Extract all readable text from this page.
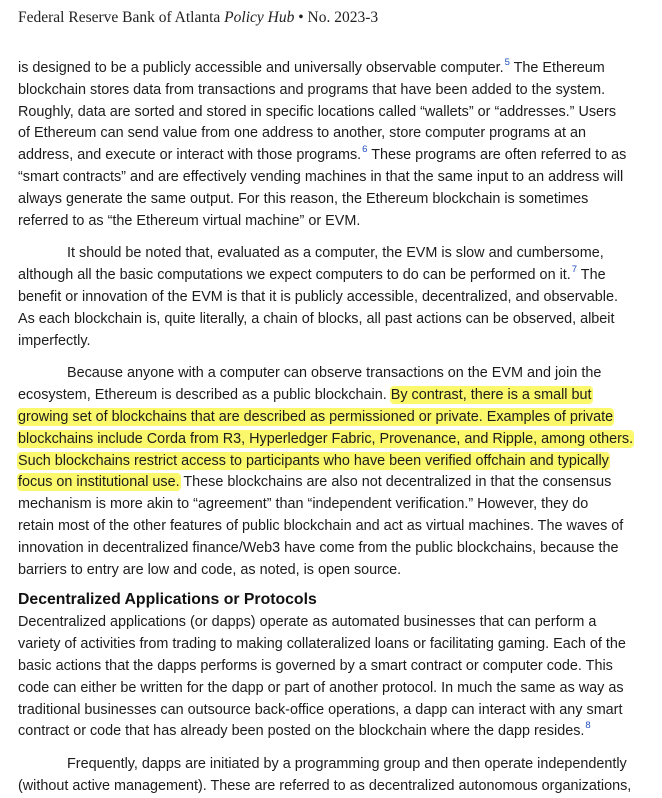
Federal Reserve Bank of Atlanta Policy Hub • No. 2023-3

is designed to be a publicly accessible and universally observable computer.$^5$ The Ethereum
blockchain stores data from transactions and programs that have been added to the system.
Roughly, data are sorted and stored in specific locations called “wallets” or “addresses.” Users
of Ethereum can send value from one address to another, store computer programs at an
address, and execute or interact with those programs.$^6$ These programs are often referred to as
“smart contracts” and are effectively vending machines in that the same input to an address will
always generate the same output. For this reason, the Ethereum blockchain is sometimes
referred to as “the Ethereum virtual machine” or EVM.

It should be noted that, evaluated as a computer, the EVM is slow and cumbersome,
although all the basic computations we expect computers to do can be performed on it.$^7$ The
benefit or innovation of the EVM is that it is publicly accessible, decentralized, and observable.
As each blockchain is, quite literally, a chain of blocks, all past actions can be observed, albeit
imperfectly.

Because anyone with a computer can observe transactions on the EVM and join the
ecosystem, Ethereum is described as a public blockchain. By contrast, there is a small but
growing set of blockchains that are described as permissioned or private. Examples of private
blockchains include Corda from R3, Hyperledger Fabric, Provenance, and Ripple, among others.
Such blockchains restrict access to participants who have been verified offchain and typically
focus on institutional use. These blockchains are also not decentralized in that the consensus
mechanism is more akin to “agreement” than “independent verification.” However, they do
retain most of the other features of public blockchain and act as virtual machines. The waves of
innovation in decentralized finance/Web3 have come from the public blockchains, because the
barriers to entry are low and code, as noted, is open source.

Decentralized Applications or Protocols

Decentralized applications (or dapps) operate as automated businesses that can perform a
variety of activities from trading to making collateralized loans or facilitating gaming. Each of the
basic actions that the dapps performs is governed by a smart contract or computer code. This
code can either be written for the dapp or part of another protocol. In much the same as way as
traditional businesses can outsource back-office operations, a dapp can interact with any smart
contract or code that has already been posted on the blockchain where the dapp resides.$^8$

Frequently, dapps are initiated by a programming group and then operate independently
(without active management). These are referred to as decentralized autonomous organizations,
